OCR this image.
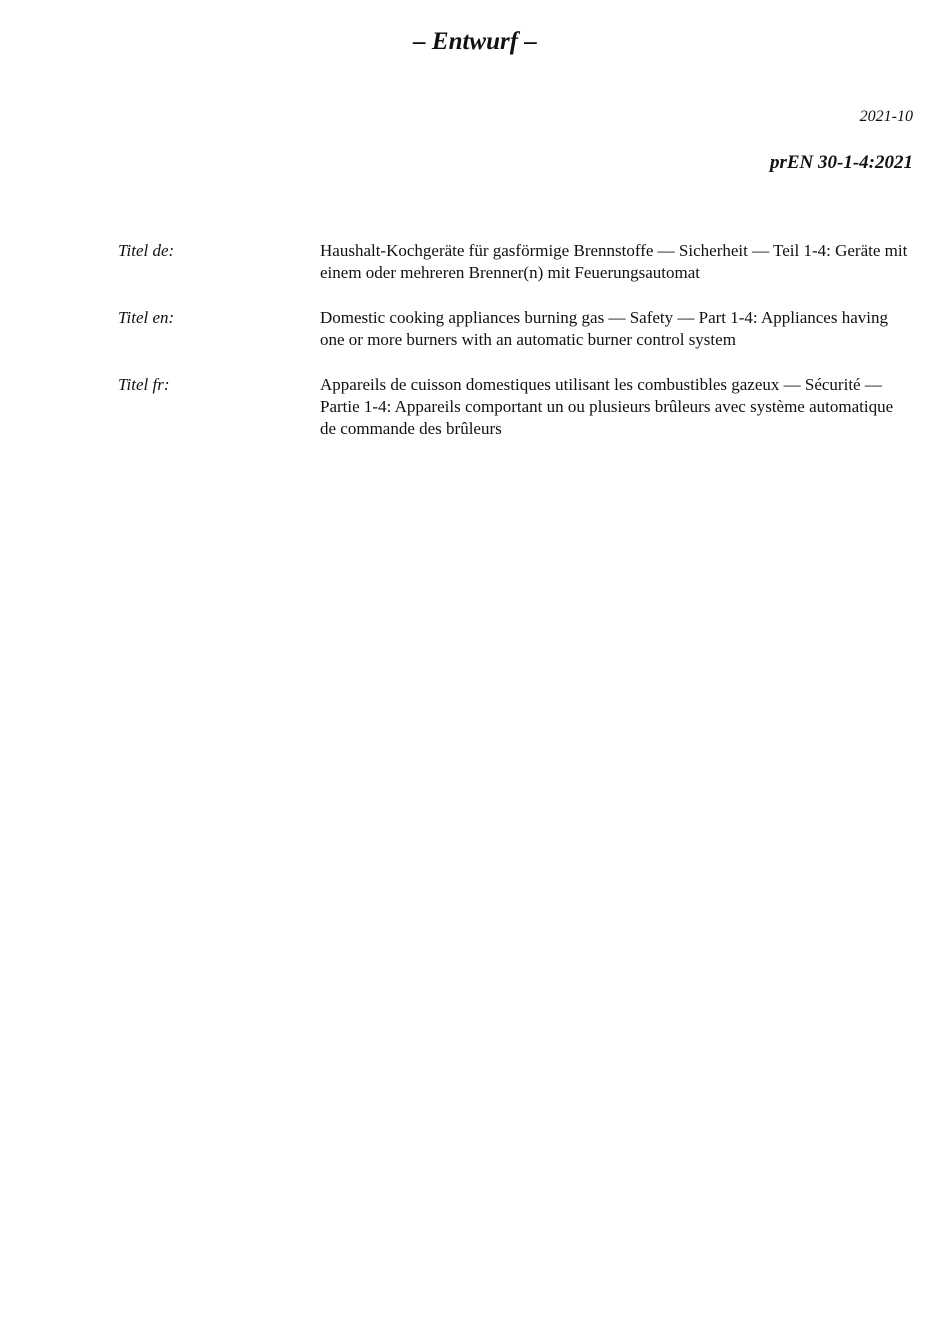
– Entwurf –
2021-10
prEN 30-1-4:2021
Titel de:	Haushalt-Kochgeräte für gasförmige Brennstoffe — Sicherheit — Teil 1-4: Geräte mit einem oder mehreren Brenner(n) mit Feuerungsautomat
Titel en:	Domestic cooking appliances burning gas — Safety — Part 1-4: Appliances having one or more burners with an automatic burner control system
Titel fr:	Appareils de cuisson domestiques utilisant les combustibles gazeux — Sécurité — Partie 1-4: Appareils comportant un ou plusieurs brûleurs avec système automatique de commande des brûleurs
